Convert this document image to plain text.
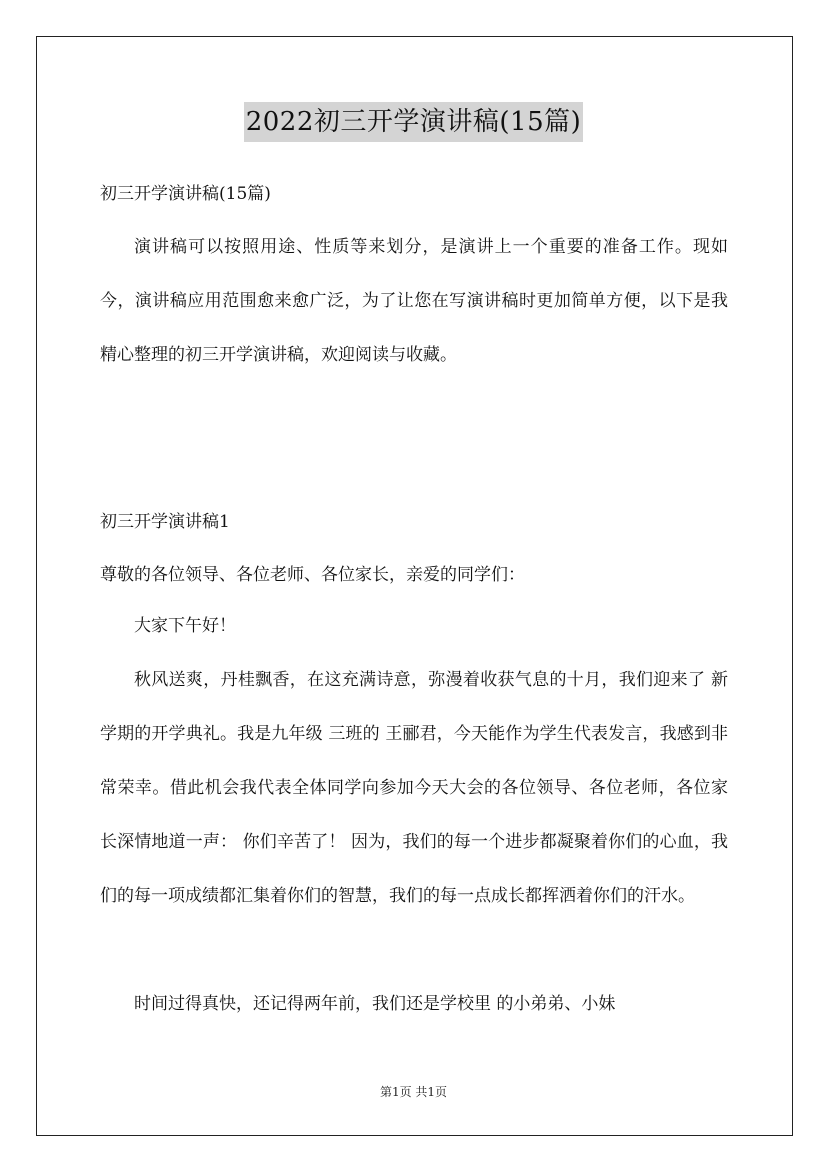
2022初三开学演讲稿(15篇)

初三开学演讲稿(15篇)

演讲稿可以按照用途、性质等来划分，是演讲上一个重要的准备工作。现如今，演讲稿应用范围愈来愈广泛，为了让您在写演讲稿时更加简单方便，以下是我精心整理的初三开学演讲稿，欢迎阅读与收藏。

初三开学演讲稿1

尊敬的各位领导、各位老师、各位家长，亲爱的同学们：

大家下午好！

秋风送爽，丹桂飘香，在这充满诗意，弥漫着收获气息的十月，我们迎来了 新学期的开学典礼。我是九年级 三班的 王郦君，今天能作为学生代表发言，我感到非常荣幸。借此机会我代表全体同学向参加今天大会的各位领导、各位老师，各位家长深情地道一声： 你们辛苦了！ 因为，我们的每一个进步都凝聚着你们的心血，我们的每一项成绩都汇集着你们的智慧，我们的每一点成长都挥洒着你们的汗水。

时间过得真快，还记得两年前，我们还是学校里 的小弟弟、小妹

第1页 共1页
